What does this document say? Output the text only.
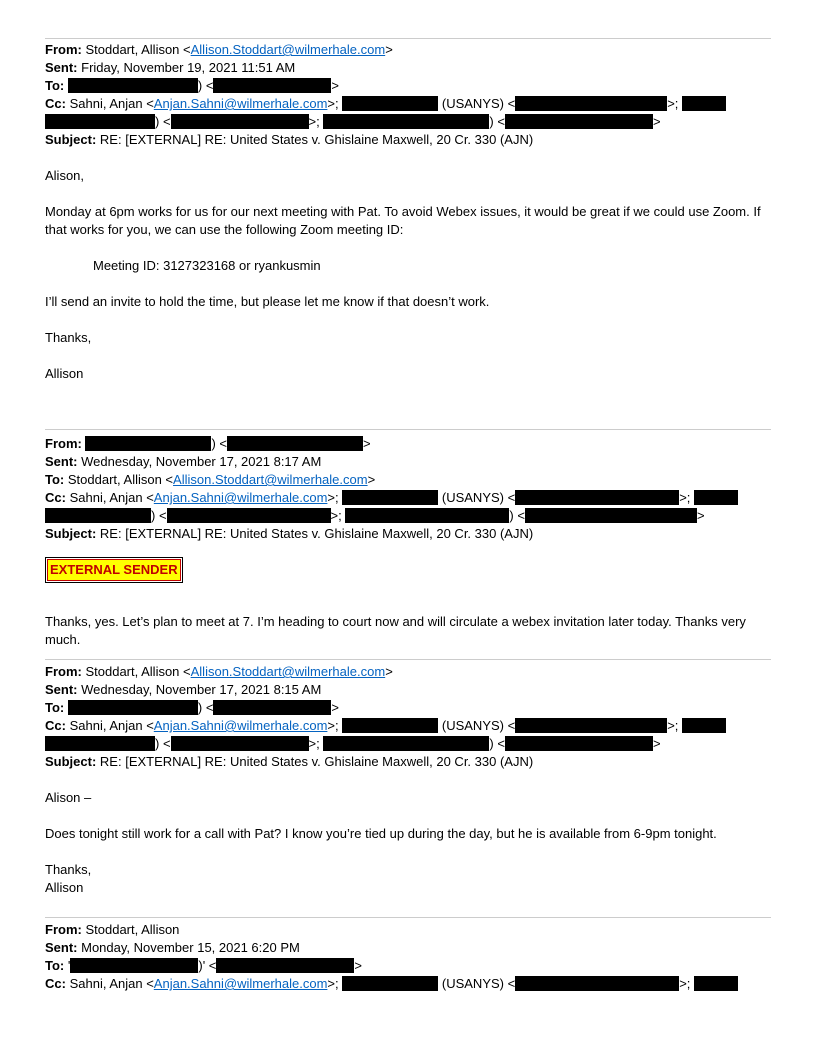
From: Stoddart, Allison <Allison.Stoddart@wilmerhale.com>
Sent: Friday, November 19, 2021 11:51 AM
To:	) <	>
Cc: Sahni, Anjan <Anjan.Sahni@wilmerhale.com>;	(USANYS) <	>;
) <	>;	) <	>
Subject: RE: [EXTERNAL] RE: United States v. Ghislaine Maxwell, 20 Cr. 330 (AJN)
Alison,
Monday at 6pm works for us for our next meeting with Pat. To avoid Webex issues, it would be great if we could use Zoom. If that works for you, we can use the following Zoom meeting ID:
Meeting ID: 3127323168 or ryankusmin
I’ll send an invite to hold the time, but please let me know if that doesn’t work.
Thanks,
Allison
From:	) <	>
Sent: Wednesday, November 17, 2021 8:17 AM
To: Stoddart, Allison <Allison.Stoddart@wilmerhale.com>
Cc: Sahni, Anjan <Anjan.Sahni@wilmerhale.com>;	(USANYS) <	>;
) <	>;	) <	>
Subject: RE: [EXTERNAL] RE: United States v. Ghislaine Maxwell, 20 Cr. 330 (AJN)
EXTERNAL SENDER
Thanks, yes. Let’s plan to meet at 7. I’m heading to court now and will circulate a webex invitation later today. Thanks very much.
From: Stoddart, Allison <Allison.Stoddart@wilmerhale.com>
Sent: Wednesday, November 17, 2021 8:15 AM
To:	) <	>
Cc: Sahni, Anjan <Anjan.Sahni@wilmerhale.com>;	(USANYS) <	>;
) <	>;	) <	>
Subject: RE: [EXTERNAL] RE: United States v. Ghislaine Maxwell, 20 Cr. 330 (AJN)
Alison –
Does tonight still work for a call with Pat? I know you’re tied up during the day, but he is available from 6-9pm tonight.
Thanks,
Allison
From: Stoddart, Allison
Sent: Monday, November 15, 2021 6:20 PM
To: '	)' <	>
Cc: Sahni, Anjan <Anjan.Sahni@wilmerhale.com>;	(USANYS) <	>;
